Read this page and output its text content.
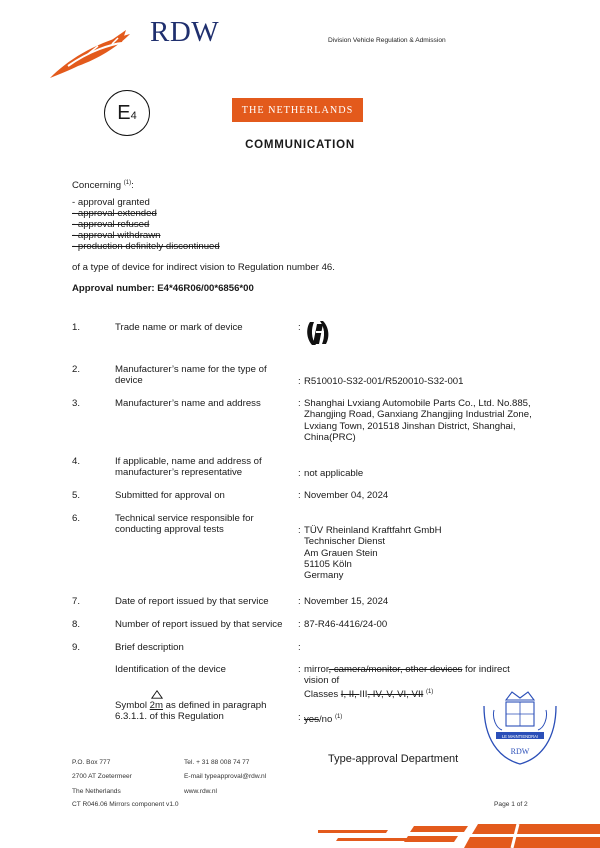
RDW	Division Vehicle Regulation & Admission
$E_4$	THE NETHERLANDS
COMMUNICATION
Concerning $^{(1)}$:
- approval granted
- approval extended
- approval refused
- approval withdrawn
- production definitely discontinued
of a type of device for indirect vision to Regulation number 46.
Approval number: E4*46R06/00*6856*00
1.	Trade name or mark of device	:
2.	Manufacturer’s name for the type of device	: R510010-S32-001/R520010-S32-001
3.	Manufacturer’s name and address	: Shanghai Lvxiang Automobile Parts Co., Ltd. No.885, Zhangjing Road, Ganxiang Zhangjing Industrial Zone, Lvxiang Town, 201518 Jinshan District, Shanghai, China(PRC)
4.	If applicable, name and address of manufacturer’s representative	: not applicable
5.	Submitted for approval on	: November 04, 2024
6.	Technical service responsible for conducting approval tests	: TÜV Rheinland Kraftfahrt GmbH
Technischer Dienst
Am Grauen Stein
51105 Köln
Germany
7.	Date of report issued by that service	: November 15, 2024
8.	Number of report issued by that service	: 87-R46-4416/24-00
9.	Brief description	:
Identification of the device	: mirror, camera/monitor, other devices for indirect vision of
Classes I, II, III, IV, V, VI, VII $^{(1)}$
Symbol
2m as defined in paragraph
6.3.1.1. of this Regulation	: yes/no $^{(1)}$
LE MAINTIENDRAI
RDW
P.O. Box 777
2700 AT Zoetermeer
The Netherlands
Tel. + 31 88 008 74 77
E-mail typeapproval@rdw.nl
www.rdw.nl
Type-approval Department
CT R046.06 Mirrors component v1.0	Page 1 of 2
